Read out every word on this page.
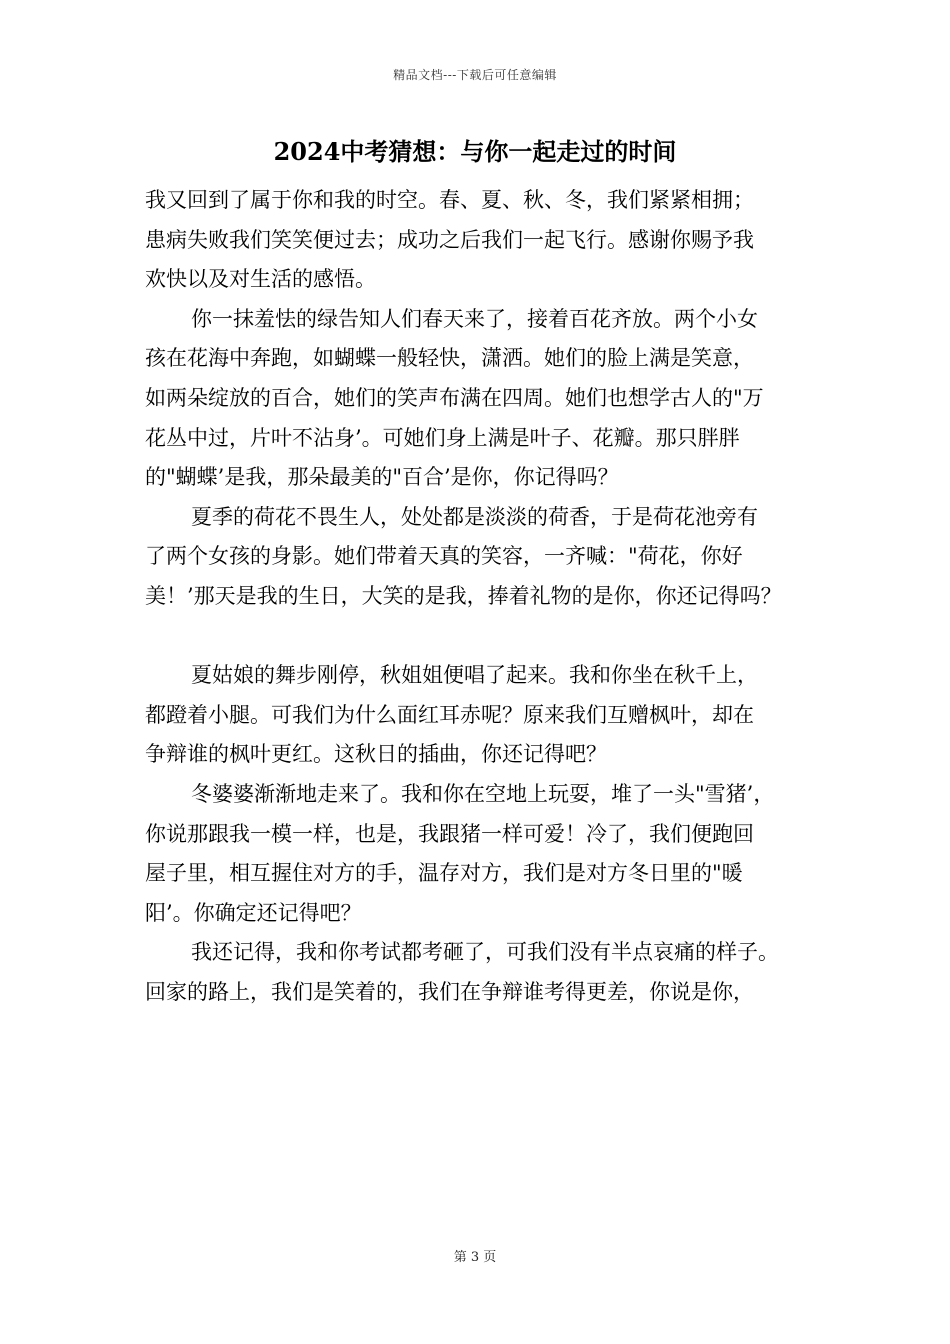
精品文档---下载后可任意编辑
2024中考猜想：与你一起走过的时间

我又回到了属于你和我的时空。春、夏、秋、冬，我们紧紧相拥；
患病失败我们笑笑便过去；成功之后我们一起飞行。感谢你赐予我
欢快以及对生活的感悟。

你一抹羞怯的绿告知人们春天来了，接着百花齐放。两个小女
孩在花海中奔跑，如蝴蝶一般轻快，潇洒。她们的脸上满是笑意，
如两朵绽放的百合，她们的笑声布满在四周。她们也想学古人的"万
花丛中过，片叶不沾身’。可她们身上满是叶子、花瓣。那只胖胖
的"蝴蝶’是我，那朵最美的"百合’是你，你记得吗？

夏季的荷花不畏生人，处处都是淡淡的荷香，于是荷花池旁有
了两个女孩的身影。她们带着天真的笑容，一齐喊："荷花，你好
美！’那天是我的生日，大笑的是我，捧着礼物的是你，你还记得吗？

夏姑娘的舞步刚停，秋姐姐便唱了起来。我和你坐在秋千上，
都蹬着小腿。可我们为什么面红耳赤呢？原来我们互赠枫叶，却在
争辩谁的枫叶更红。这秋日的插曲，你还记得吧？

冬婆婆渐渐地走来了。我和你在空地上玩耍，堆了一头"雪猪’，
你说那跟我一模一样，也是，我跟猪一样可爱！冷了，我们便跑回
屋子里，相互握住对方的手，温存对方，我们是对方冬日里的"暖
阳’。你确定还记得吧？

我还记得，我和你考试都考砸了，可我们没有半点哀痛的样子。
回家的路上，我们是笑着的，我们在争辩谁考得更差，你说是你，

第 3 页
